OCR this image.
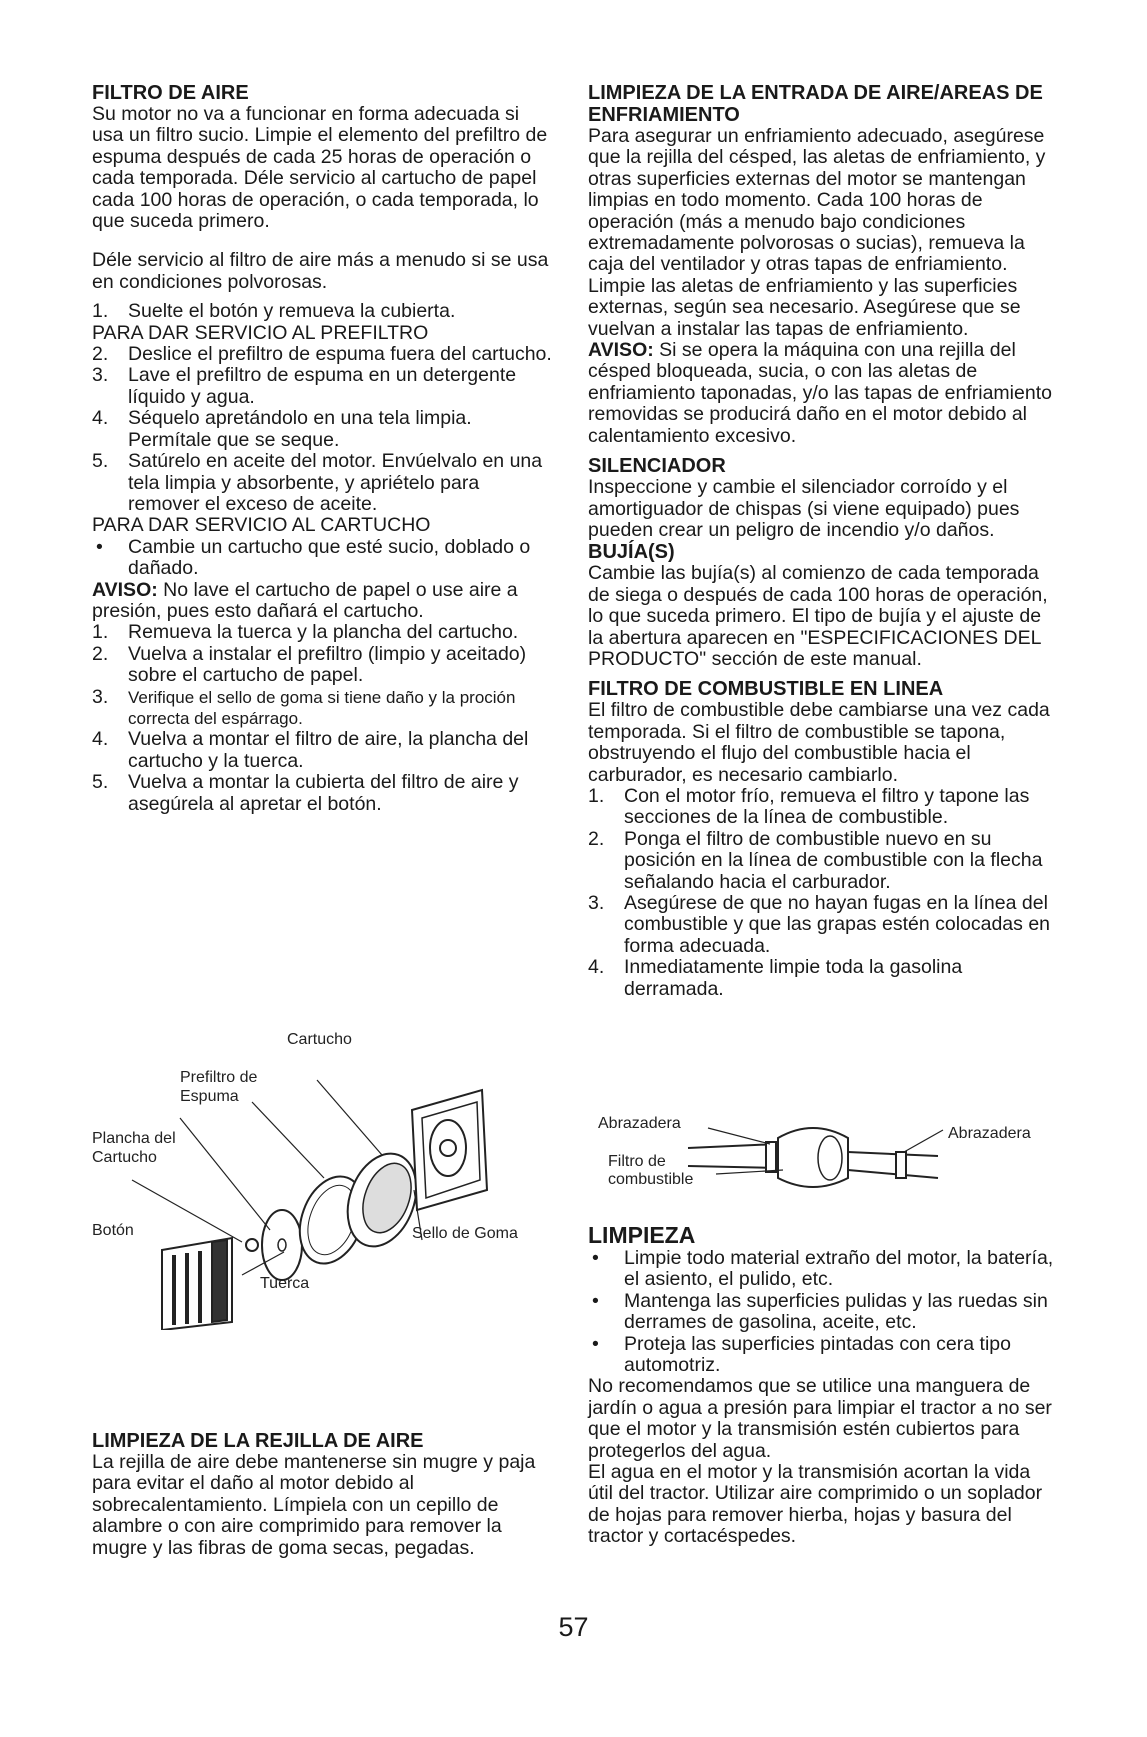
FILTRO DE AIRE

Su motor no va a funcionar en forma adecuada si usa un filtro sucio. Limpie el elemento del prefiltro de espuma después de cada 25 horas de operación o cada temporada. Déle servicio al cartucho de papel cada 100 horas de operación, o cada temporada, lo que suceda primero.

Déle servicio al filtro de aire más a menudo si se usa en condiciones polvorosas.

1. Suelte el botón y remueva la cubierta.

PARA DAR SERVICIO AL PREFILTRO

2. Deslice el prefiltro de espuma fuera del cartucho.
3. Lave el prefiltro de espuma en un detergente líquido y agua.
4. Séquelo apretándolo en una tela limpia. Permítale que se seque.
5. Satúrelo en aceite del motor. Envúelvalo en una tela limpia y absorbente, y apriételo para remover el exceso de aceite.

PARA DAR SERVICIO AL CARTUCHO

• Cambie un cartucho que esté sucio, doblado o dañado.

AVISO: No lave el cartucho de papel o use aire a presión, pues esto dañará el cartucho.

1. Remueva la tuerca y la plancha del cartucho.
2. Vuelva a instalar el prefiltro (limpio y aceitado) sobre el cartucho de papel.
3. Verifique el sello de goma si tiene daño y la proción correcta del espárrago.
4. Vuelva a montar el filtro de aire, la plancha del cartucho y la tuerca.
5. Vuelva a montar la cubierta del filtro de aire y asegúrela al apretar el botón.
Cartucho
Prefiltro de
Espuma
Plancha del
Cartucho
Botón	Sello de Goma
Tuerca
LIMPIEZA DE LA REJILLA DE AIRE

La rejilla de aire debe mantenerse sin mugre y paja para evitar el daño al motor debido al sobrecalentamiento. Límpiela con un cepillo de alambre o con aire comprimido para remover la mugre y las fibras de goma secas, pegadas.

LIMPIEZA DE LA ENTRADA DE AIRE/AREAS DE ENFRIAMIENTO

Para asegurar un enfriamiento adecuado, asegúrese que la rejilla del césped, las aletas de enfriamiento, y otras superficies externas del motor se mantengan limpias en todo momento. Cada 100 horas de operación (más a menudo bajo condiciones extremadamente polvorosas o sucias), remueva la caja del ventilador y otras tapas de enfriamiento. Limpie las aletas de enfriamiento y las superficies externas, según sea necesario. Asegúrese que se vuelvan a instalar las tapas de enfriamiento.

AVISO: Si se opera la máquina con una rejilla del césped bloqueada, sucia, o con las aletas de enfriamiento taponadas, y/o las tapas de enfriamiento removidas se producirá daño en el motor debido al calentamiento excesivo.

SILENCIADOR

Inspeccione y cambie el silenciador corroído y el amortiguador de chispas (si viene equipado) pues pueden crear un peligro de incendio y/o daños.

BUJÍA(S)

Cambie las bujía(s) al comienzo de cada temporada de siega o después de cada 100 horas de operación, lo que suceda primero. El tipo de bujía y el ajuste de la abertura aparecen en "ESPECIFICACIONES DEL PRODUCTO" sección de este manual.

FILTRO DE COMBUSTIBLE EN LINEA

El filtro de combustible debe cambiarse una vez cada temporada. Si el filtro de combustible se tapona, obstruyendo el flujo del combustible hacia el carburador, es necesario cambiarlo.

1. Con el motor frío, remueva el filtro y tapone las secciones de la línea de combustible.
2. Ponga el filtro de combustible nuevo en su posición en la línea de combustible con la flecha señalando hacia el carburador.
3. Asegúrese de que no hayan fugas en la línea del combustible y que las grapas estén colocadas en forma adecuada.
4. Inmediatamente limpie toda la gasolina derramada.
Abrazadera
Abrazadera
Filtro de
combustible
LIMPIEZA
• Limpie todo material extraño del motor, la batería, el asiento, el pulido, etc.
• Mantenga las superficies pulidas y las ruedas sin derrames de gasolina, aceite, etc.
• Proteja las superficies pintadas con cera tipo automotriz.

No recomendamos que se utilice una manguera de jardín o agua a presión para limpiar el tractor a no ser que el motor y la transmisión estén cubiertos para protegerlos del agua.

El agua en el motor y la transmisión acortan la vida útil del tractor. Utilizar aire comprimido o un soplador de hojas para remover hierba, hojas y basura del tractor y cortacéspedes.

57
